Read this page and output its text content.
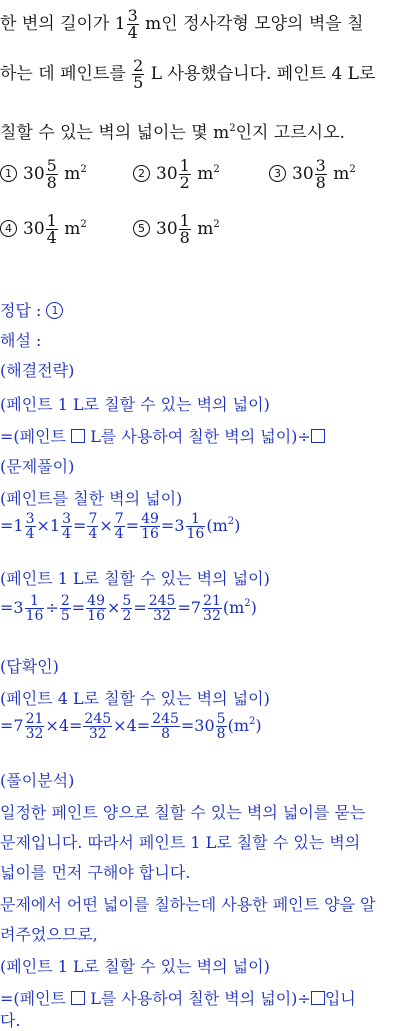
한 변의 길이가 $1 \frac{3}{4}$ m인 정사각형 모양의 벽을 칠
하는 데 페인트를 $\frac{2}{5}$ L 사용했습니다. 페인트 4 L로
칠할 수 있는 벽의 넓이는 몇 $m^2$인지 고르시오.
1 $30 \frac{5}{8} m^2$	2 $30 \frac{1}{2} m^2$	3 $30 \frac{3}{8} m^2$
4 $30 \frac{1}{4} m^2$	5 $30 \frac{1}{8} m^2$
정답 : 1
해설 :
(해결전략)
(페인트 1 L로 칠할 수 있는 벽의 넓이)
=(페인트  L를 사용하여 칠한 벽의 넓이)÷
(문제풀이)
(페인트를 칠한 벽의 넓이)
$=1 \frac{3}{4} \times 1 \frac{3}{4} = \frac{7}{4} \times \frac{7}{4} = \frac{49}{16} =3 \frac{1}{16} (m^2)$
(페인트 1 L로 칠할 수 있는 벽의 넓이)
$=3 \frac{1}{16} \div \frac{2}{5} = \frac{49}{16} \times \frac{5}{2} = \frac{245}{32} =7 \frac{21}{32} (m^2)$
(답확인)
(페인트 4 L로 칠할 수 있는 벽의 넓이)
$=7 \frac{21}{32} \times 4= \frac{245}{32} \times 4= \frac{245}{8} =30 \frac{5}{8} (m^2)$
(풀이분석)
일정한 페인트 양으로 칠할 수 있는 벽의 넓이를 묻는
문제입니다. 따라서 페인트 1 L로 칠할 수 있는 벽의
넓이를 먼저 구해야 합니다.
문제에서 어떤 넓이를 칠하는데 사용한 페인트 양을 알
려주었으므로,
(페인트 1 L로 칠할 수 있는 벽의 넓이)
=(페인트  L를 사용하여 칠한 벽의 넓이)÷ 입니
다.
